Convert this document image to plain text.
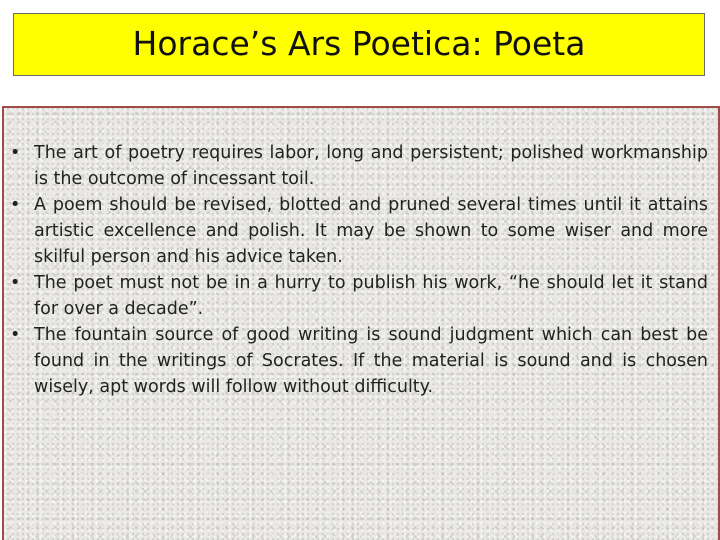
Horace’s Ars Poetica: Poeta
• The art of poetry requires labor, long and persistent; polished workmanship is the outcome of incessant toil.
• A poem should be revised, blotted and pruned several times until it attains artistic excellence and polish. It may be shown to some wiser and more skilful person and his advice taken.
• The poet must not be in a hurry to publish his work, “he should let it stand for over a decade”.
• The fountain source of good writing is sound judgment which can best be found in the writings of Socrates. If the material is sound and is chosen wisely, apt words will follow without difficulty.
